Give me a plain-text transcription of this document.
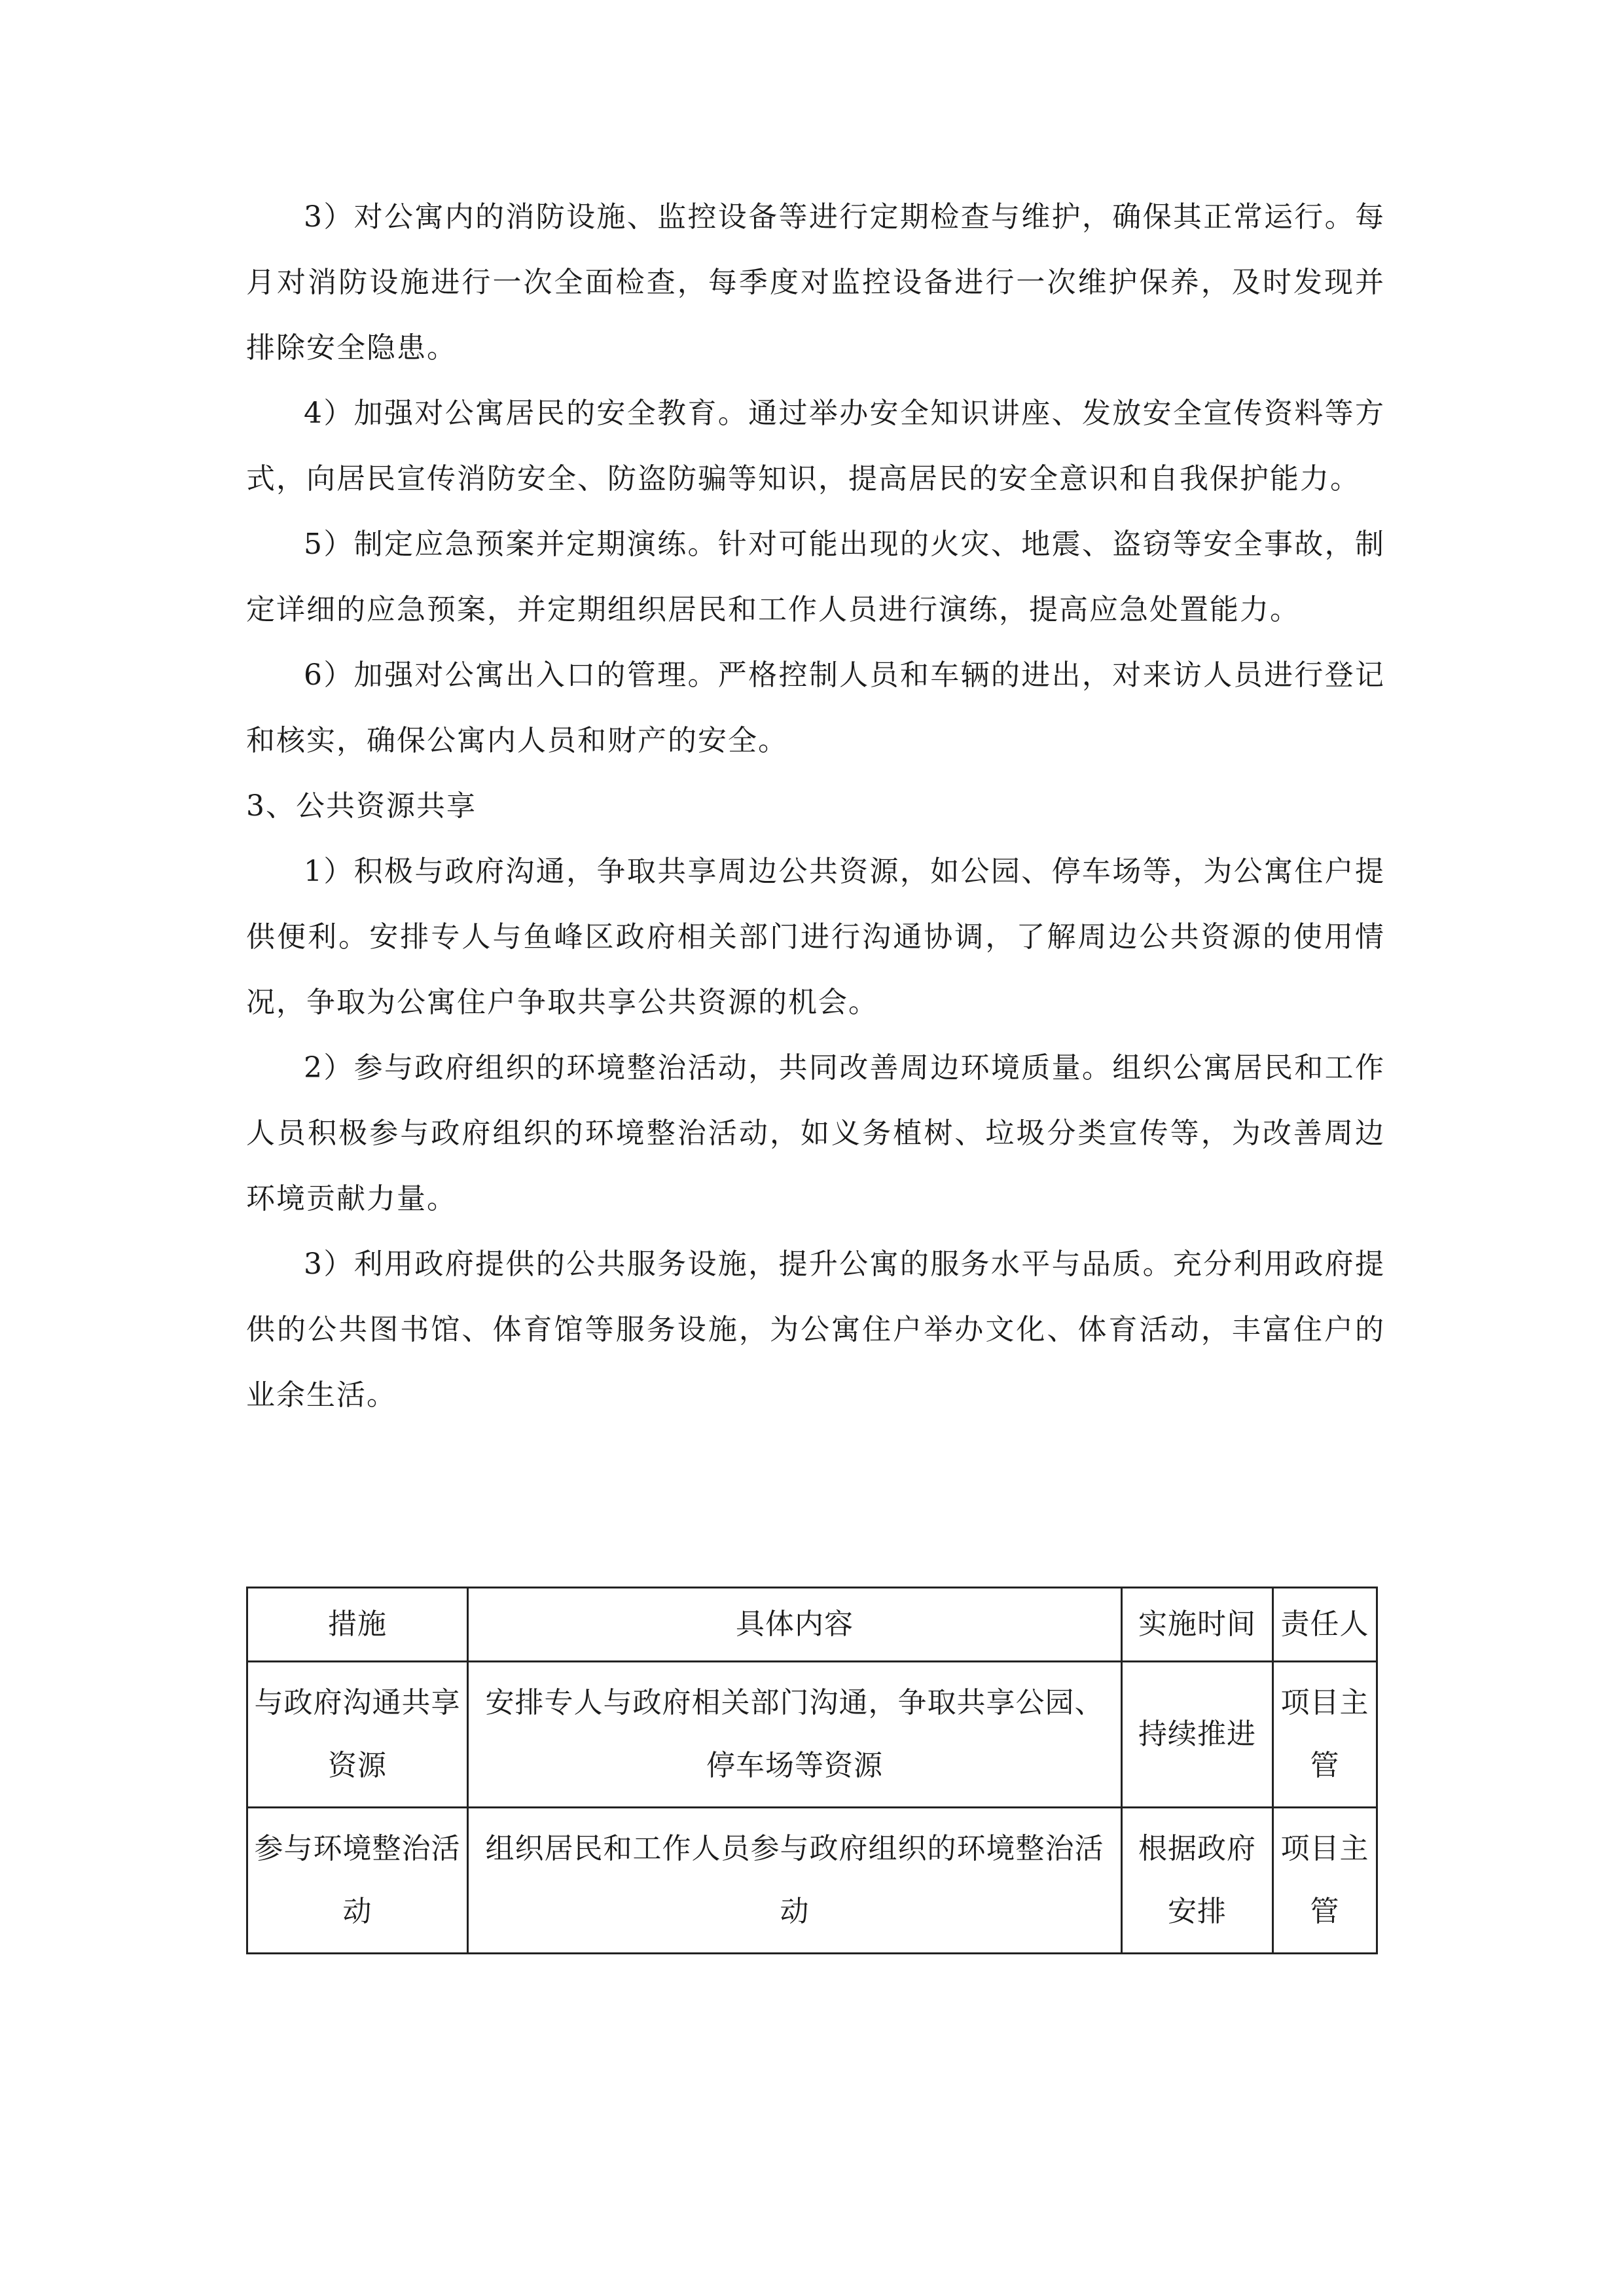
3）对公寓内的消防设施、监控设备等进行定期检查与维护，确保其正常运行。每月对消防设施进行一次全面检查，每季度对监控设备进行一次维护保养，及时发现并排除安全隐患。

4）加强对公寓居民的安全教育。通过举办安全知识讲座、发放安全宣传资料等方式，向居民宣传消防安全、防盗防骗等知识，提高居民的安全意识和自我保护能力。

5）制定应急预案并定期演练。针对可能出现的火灾、地震、盗窃等安全事故，制定详细的应急预案，并定期组织居民和工作人员进行演练，提高应急处置能力。

6）加强对公寓出入口的管理。严格控制人员和车辆的进出，对来访人员进行登记和核实，确保公寓内人员和财产的安全。

3、公共资源共享

1）积极与政府沟通，争取共享周边公共资源，如公园、停车场等，为公寓住户提供便利。安排专人与鱼峰区政府相关部门进行沟通协调，了解周边公共资源的使用情况，争取为公寓住户争取共享公共资源的机会。

2）参与政府组织的环境整治活动，共同改善周边环境质量。组织公寓居民和工作人员积极参与政府组织的环境整治活动，如义务植树、垃圾分类宣传等，为改善周边环境贡献力量。

3）利用政府提供的公共服务设施，提升公寓的服务水平与品质。充分利用政府提供的公共图书馆、体育馆等服务设施，为公寓住户举办文化、体育活动，丰富住户的业余生活。

措施	具体内容	实施时间	责任人
与政府沟通共享资源	安排专人与政府相关部门沟通，争取共享公园、停车场等资源	持续推进	项目主管
参与环境整治活动	组织居民和工作人员参与政府组织的环境整治活动	根据政府安排	项目主管
